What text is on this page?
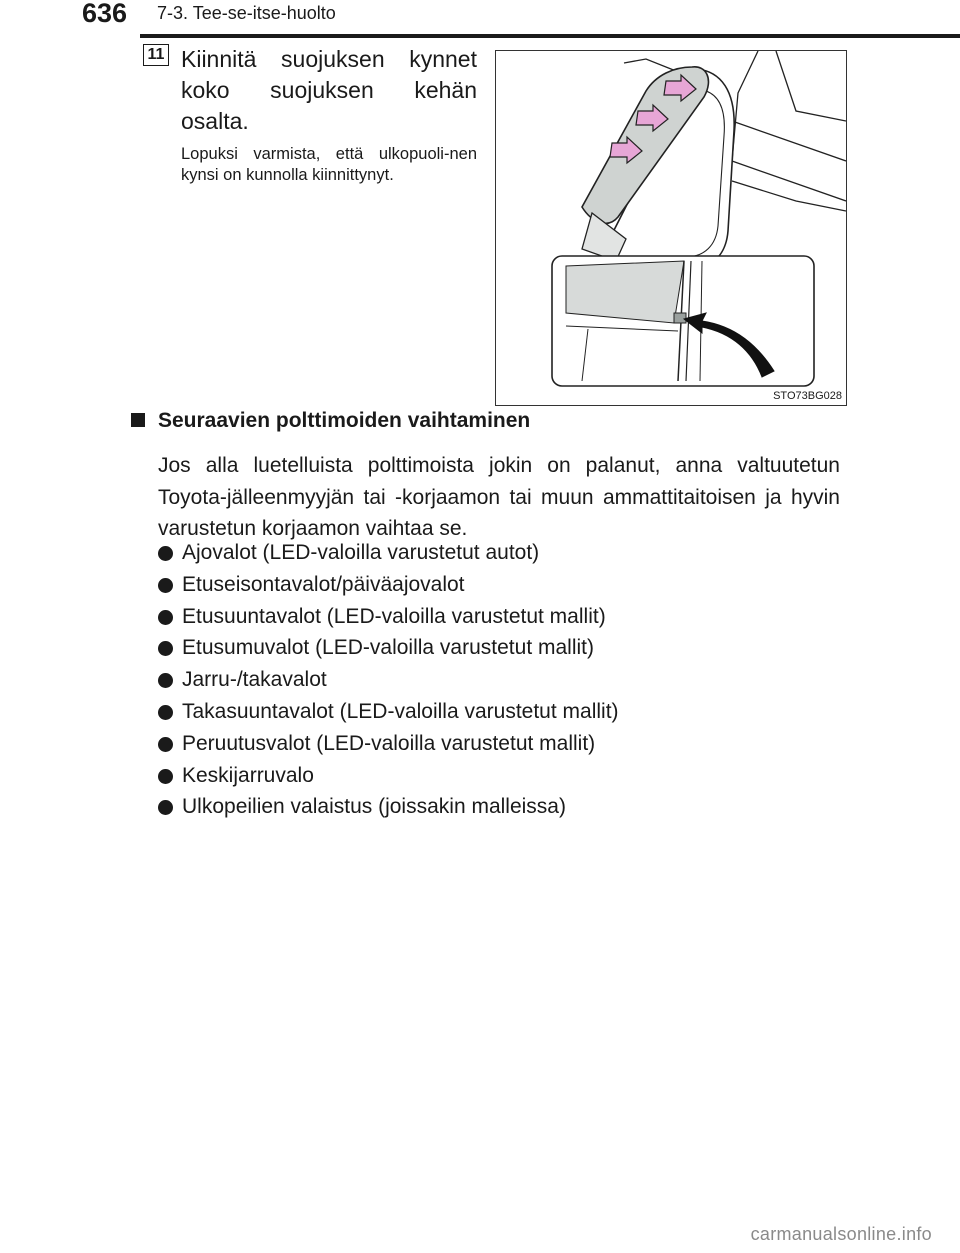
636 7-3. Tee-se-itse-huolto
11 Kiinnitä suojuksen kynnet koko suojuksen kehän osalta.
Lopuksi varmista, että ulkopuoli-nen kynsi on kunnolla kiinnittynyt.
STO73BG028
Seuraavien polttimoiden vaihtaminen
Jos alla luetelluista polttimoista jokin on palanut, anna valtuutetun Toyota-jälleenmyyjän tai -korjaamon tai muun ammattitaitoisen ja hyvin varustetun korjaamon vaihtaa se.
Ajovalot (LED-valoilla varustetut autot)
Etuseisontavalot/päiväajovalot
Etusuuntavalot (LED-valoilla varustetut mallit)
Etusumuvalot (LED-valoilla varustetut mallit)
Jarru-/takavalot
Takasuuntavalot (LED-valoilla varustetut mallit)
Peruutusvalot (LED-valoilla varustetut mallit)
Keskijarruvalo
Ulkopeilien valaistus (joissakin malleissa)
carmanualsonline.info
